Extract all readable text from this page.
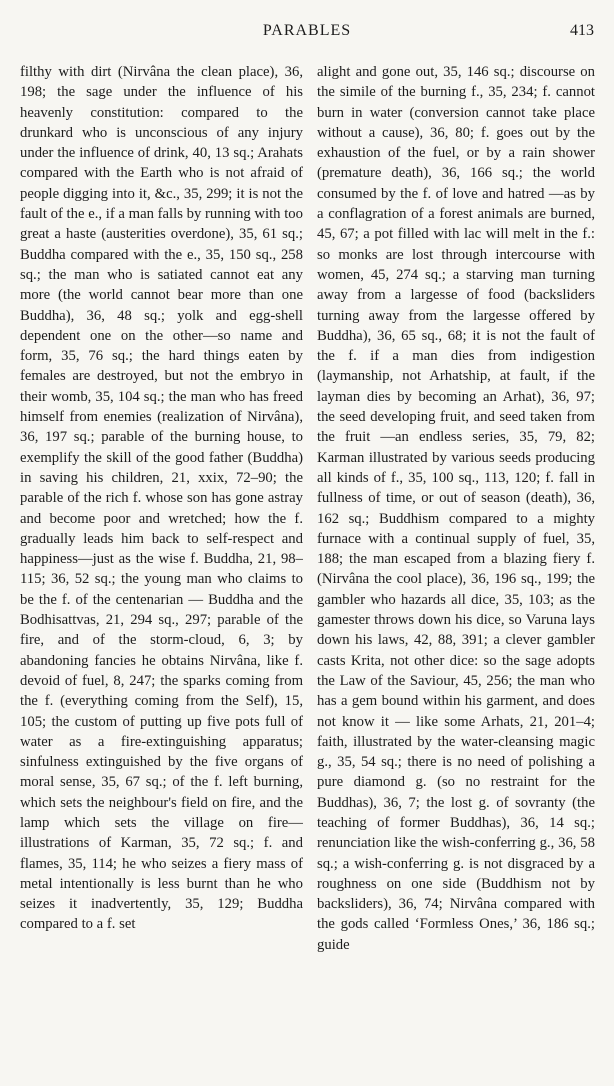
PARABLES	413

filthy with dirt (Nirvâna the clean place), 36, 198; the sage under the influence of his heavenly constitution: compared to the drunkard who is unconscious of any injury under the influence of drink, 40, 13 sq.; Arahats compared with the Earth who is not afraid of people digging into it, &c., 35, 299; it is not the fault of the e., if a man falls by running with too great a haste (austerities overdone), 35, 61 sq.; Buddha compared with the e., 35, 150 sq., 258 sq.; the man who is satiated cannot eat any more (the world cannot bear more than one Buddha), 36, 48 sq.; yolk and egg-shell dependent one on the other—so name and form, 35, 76 sq.; the hard things eaten by females are destroyed, but not the embryo in their womb, 35, 104 sq.; the man who has freed himself from enemies (realization of Nirvâna), 36, 197 sq.; parable of the burning house, to exemplify the skill of the good father (Buddha) in saving his children, 21, xxix, 72–90; the parable of the rich f. whose son has gone astray and become poor and wretched; how the f. gradually leads him back to self-respect and happiness—just as the wise f. Buddha, 21, 98–115; 36, 52 sq.; the young man who claims to be the f. of the centenarian — Buddha and the Bodhisattvas, 21, 294 sq., 297; parable of the fire, and of the storm-cloud, 6, 3; by abandoning fancies he obtains Nirvâna, like f. devoid of fuel, 8, 247; the sparks coming from the f. (everything coming from the Self), 15, 105; the custom of putting up five pots full of water as a fire-extinguishing apparatus; sinfulness extinguished by the five organs of moral sense, 35, 67 sq.; of the f. left burning, which sets the neighbour's field on fire, and the lamp which sets the village on fire—illustrations of Karman, 35, 72 sq.; f. and flames, 35, 114; he who seizes a fiery mass of metal intentionally is less burnt than he who seizes it inadvertently, 35, 129; Buddha compared to a f. set

alight and gone out, 35, 146 sq.; discourse on the simile of the burning f., 35, 234; f. cannot burn in water (conversion cannot take place without a cause), 36, 80; f. goes out by the exhaustion of the fuel, or by a rain shower (premature death), 36, 166 sq.; the world consumed by the f. of love and hatred —as by a conflagration of a forest animals are burned, 45, 67; a pot filled with lac will melt in the f.: so monks are lost through intercourse with women, 45, 274 sq.; a starving man turning away from a largesse of food (backsliders turning away from the largesse offered by Buddha), 36, 65 sq., 68; it is not the fault of the f. if a man dies from indigestion (laymanship, not Arhatship, at fault, if the layman dies by becoming an Arhat), 36, 97; the seed developing fruit, and seed taken from the fruit —an endless series, 35, 79, 82; Karman illustrated by various seeds producing all kinds of f., 35, 100 sq., 113, 120; f. fall in fullness of time, or out of season (death), 36, 162 sq.; Buddhism compared to a mighty furnace with a continual supply of fuel, 35, 188; the man escaped from a blazing fiery f. (Nirvâna the cool place), 36, 196 sq., 199; the gambler who hazards all dice, 35, 103; as the gamester throws down his dice, so Varuna lays down his laws, 42, 88, 391; a clever gambler casts Krita, not other dice: so the sage adopts the Law of the Saviour, 45, 256; the man who has a gem bound within his garment, and does not know it — like some Arhats, 21, 201–4; faith, illustrated by the water-cleansing magic g., 35, 54 sq.; there is no need of polishing a pure diamond g. (so no restraint for the Buddhas), 36, 7; the lost g. of sovranty (the teaching of former Buddhas), 36, 14 sq.; renunciation like the wish-conferring g., 36, 58 sq.; a wish-conferring g. is not disgraced by a roughness on one side (Buddhism not by backsliders), 36, 74; Nirvâna compared with the gods called ‘Formless Ones,’ 36, 186 sq.; guide
